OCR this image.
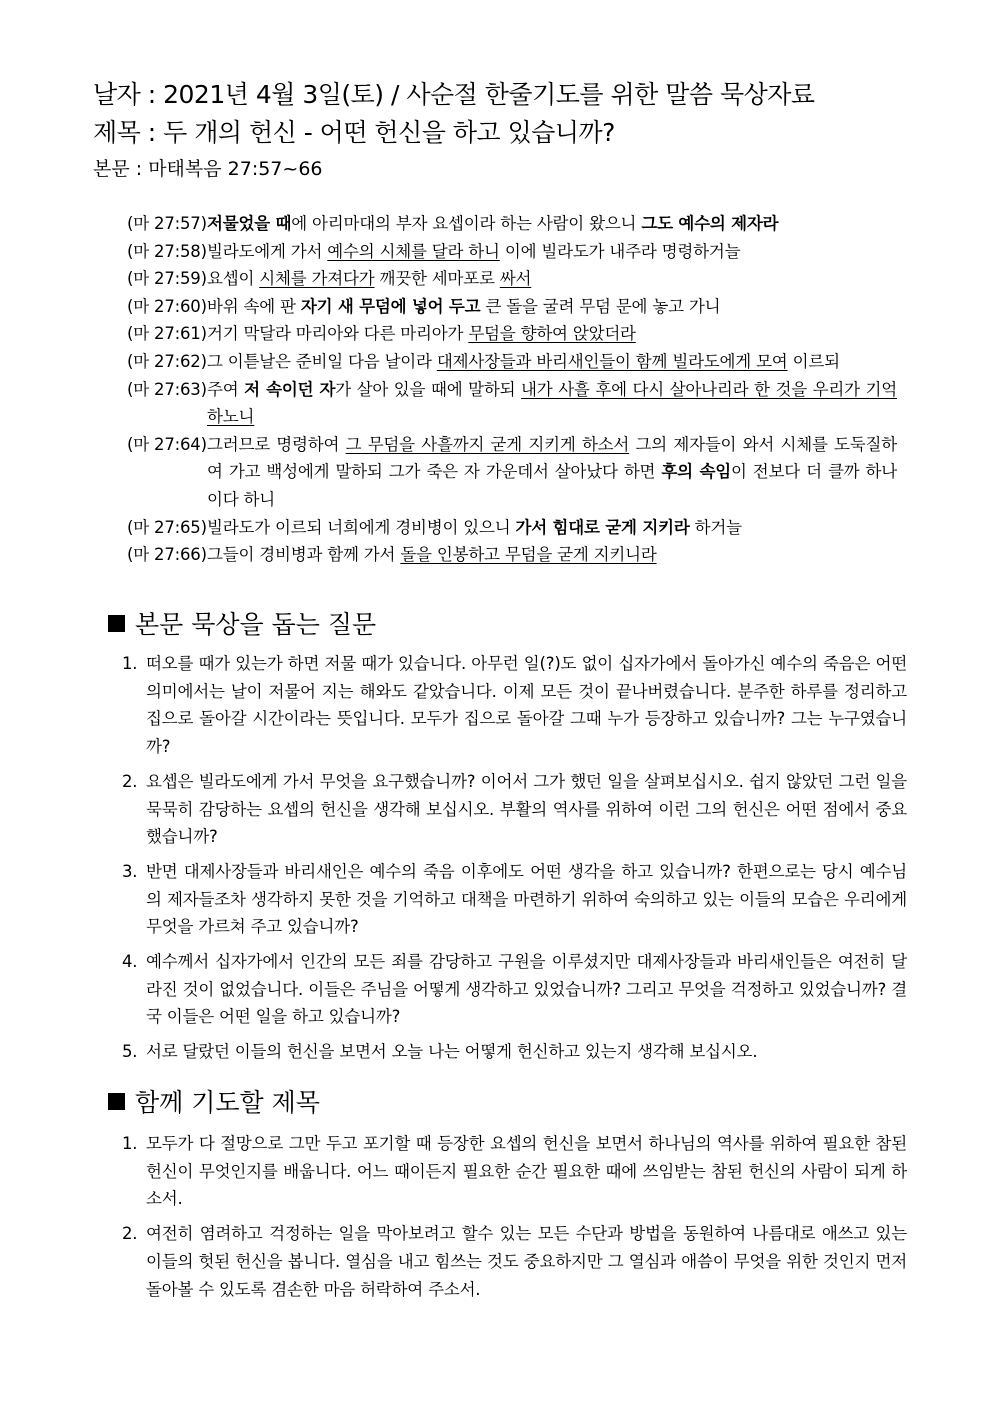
날자 : 2021년 4월 3일(토) / 사순절 한줄기도를 위한 말씀 묵상자료
제목 : 두 개의 헌신 - 어떤 헌신을 하고 있습니까?
본문 : 마태복음 27:57~66
(마 27:57) 저물었을 때에 아리마대의 부자 요셉이라 하는 사람이 왔으니 그도 예수의 제자라
(마 27:58) 빌라도에게 가서 예수의 시체를 달라 하니 이에 빌라도가 내주라 명령하거늘
(마 27:59) 요셉이 시체를 가져다가 깨끗한 세마포로 싸서
(마 27:60) 바위 속에 판 자기 새 무덤에 넣어 두고 큰 돌을 굴려 무덤 문에 놓고 가니
(마 27:61) 거기 막달라 마리아와 다른 마리아가 무덤을 향하여 앉았더라
(마 27:62) 그 이튿날은 준비일 다음 날이라 대제사장들과 바리새인들이 함께 빌라도에게 모여 이르되
(마 27:63) 주여 저 속이던 자가 살아 있을 때에 말하되 내가 사흘 후에 다시 살아나리라 한 것을 우리가 기억하노니
(마 27:64) 그러므로 명령하여 그 무덤을 사흘까지 굳게 지키게 하소서 그의 제자들이 와서 시체를 도둑질하여 가고 백성에게 말하되 그가 죽은 자 가운데서 살아났다 하면 후의 속임이 전보다 더 클까 하나이다 하니
(마 27:65) 빌라도가 이르되 너희에게 경비병이 있으니 가서 힘대로 굳게 지키라 하거늘
(마 27:66) 그들이 경비병과 함께 가서 돌을 인봉하고 무덤을 굳게 지키니라
본문 묵상을 돕는 질문
1. 떠오를 때가 있는가 하면 저물 때가 있습니다. 아무런 일(?)도 없이 십자가에서 돌아가신 예수의 죽음은 어떤 의미에서는 날이 저물어 지는 해와도 같았습니다. 이제 모든 것이 끝나버렸습니다. 분주한 하루를 정리하고 집으로 돌아갈 시간이라는 뜻입니다. 모두가 집으로 돌아갈 그때 누가 등장하고 있습니까? 그는 누구였습니까?
2. 요셉은 빌라도에게 가서 무엇을 요구했습니까? 이어서 그가 했던 일을 살펴보십시오. 쉽지 않았던 그런 일을 묵묵히 감당하는 요셉의 헌신을 생각해 보십시오. 부활의 역사를 위하여 이런 그의 헌신은 어떤 점에서 중요했습니까?
3. 반면 대제사장들과 바리새인은 예수의 죽음 이후에도 어떤 생각을 하고 있습니까? 한편으로는 당시 예수님의 제자들조차 생각하지 못한 것을 기억하고 대책을 마련하기 위하여 숙의하고 있는 이들의 모습은 우리에게 무엇을 가르쳐 주고 있습니까?
4. 예수께서 십자가에서 인간의 모든 죄를 감당하고 구원을 이루셨지만 대제사장들과 바리새인들은 여전히 달라진 것이 없었습니다. 이들은 주님을 어떻게 생각하고 있었습니까? 그리고 무엇을 걱정하고 있었습니까? 결국 이들은 어떤 일을 하고 있습니까?
5. 서로 달랐던 이들의 헌신을 보면서 오늘 나는 어떻게 헌신하고 있는지 생각해 보십시오.
함께 기도할 제목
1. 모두가 다 절망으로 그만 두고 포기할 때 등장한 요셉의 헌신을 보면서 하나님의 역사를 위하여 필요한 참된 헌신이 무엇인지를 배웁니다. 어느 때이든지 필요한 순간 필요한 때에 쓰임받는 참된 헌신의 사람이 되게 하소서.
2. 여전히 염려하고 걱정하는 일을 막아보려고 할수 있는 모든 수단과 방법을 동원하여 나름대로 애쓰고 있는 이들의 헛된 헌신을 봅니다. 열심을 내고 힘쓰는 것도 중요하지만 그 열심과 애씀이 무엇을 위한 것인지 먼저 돌아볼 수 있도록 겸손한 마음 허락하여 주소서.
